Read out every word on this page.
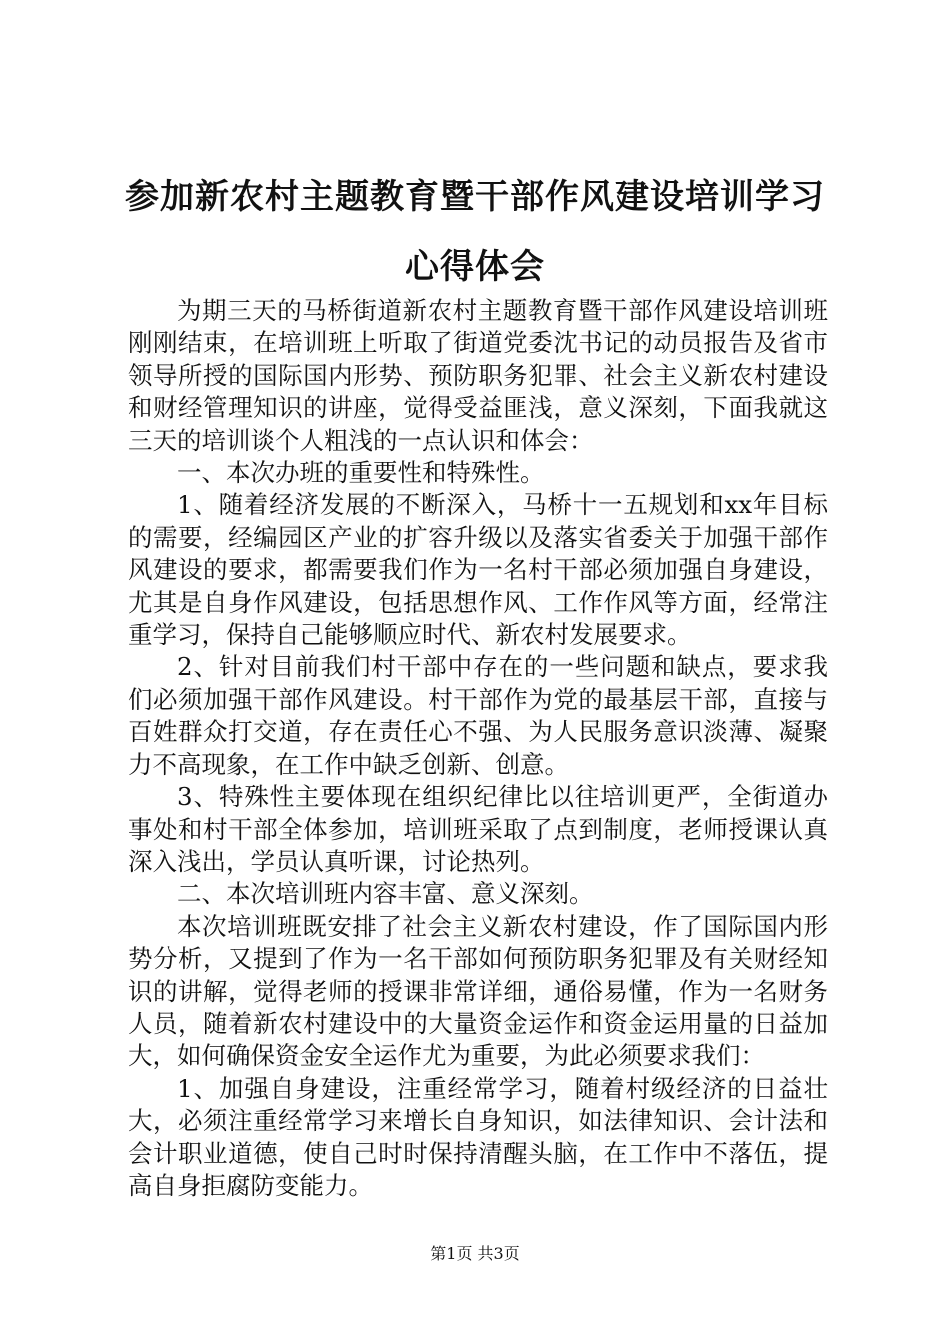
参加新农村主题教育暨干部作风建设培训学习
心得体会

为期三天的马桥街道新农村主题教育暨干部作风建设培训班刚刚结束，在培训班上听取了街道党委沈书记的动员报告及省市领导所授的国际国内形势、预防职务犯罪、社会主义新农村建设和财经管理知识的讲座，觉得受益匪浅，意义深刻，下面我就这三天的培训谈个人粗浅的一点认识和体会：

一、本次办班的重要性和特殊性。

1、随着经济发展的不断深入，马桥十一五规划和xx年目标的需要，经编园区产业的扩容升级以及落实省委关于加强干部作风建设的要求，都需要我们作为一名村干部必须加强自身建设，尤其是自身作风建设，包括思想作风、工作作风等方面，经常注重学习，保持自己能够顺应时代、新农村发展要求。

2、针对目前我们村干部中存在的一些问题和缺点，要求我们必须加强干部作风建设。村干部作为党的最基层干部，直接与百姓群众打交道，存在责任心不强、为人民服务意识淡薄、凝聚力不高现象，在工作中缺乏创新、创意。

3、特殊性主要体现在组织纪律比以往培训更严，全街道办事处和村干部全体参加，培训班采取了点到制度，老师授课认真深入浅出，学员认真听课，讨论热列。

二、本次培训班内容丰富、意义深刻。

本次培训班既安排了社会主义新农村建设，作了国际国内形势分析，又提到了作为一名干部如何预防职务犯罪及有关财经知识的讲解，觉得老师的授课非常详细，通俗易懂，作为一名财务人员，随着新农村建设中的大量资金运作和资金运用量的日益加大，如何确保资金安全运作尤为重要，为此必须要求我们：

1、加强自身建设，注重经常学习，随着村级经济的日益壮大，必须注重经常学习来增长自身知识，如法律知识、会计法和会计职业道德，使自己时时保持清醒头脑，在工作中不落伍，提高自身拒腐防变能力。

第1页 共3页
